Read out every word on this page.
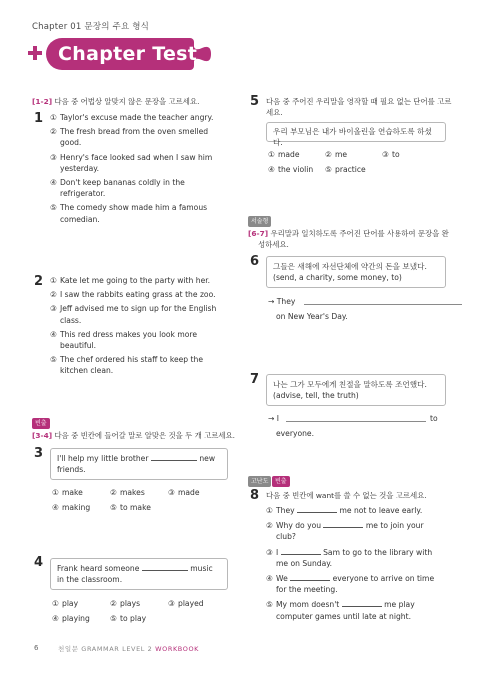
Chapter 01 문장의 주요 형식
Chapter Test
[1-2] 다음 중 어법상 알맞지 않은 문장을 고르세요.
1 ① Taylor's excuse made the teacher angry.
② The fresh bread from the oven smelled
good.
③ Henry's face looked sad when I saw him
yesterday.
④ Don't keep bananas coldly in the
refrigerator.
⑤ The comedy show made him a famous
comedian.
2 ① Kate let me going to the party with her.
② I saw the rabbits eating grass at the zoo.
③ Jeff advised me to sign up for the English
class.
④ This red dress makes you look more
beautiful.
⑤ The chef ordered his staff to keep the
kitchen clean.
빈출
[3-4] 다음 중 빈칸에 들어갈 말로 알맞은 것을 두 개 고르세요.
3	I'll help my little brother	new
friends.
① make	② makes	③ made
④ making	⑤ to make
4	Frank heard someone	music
in the classroom.
① play	② plays	③ played
④ playing	⑤ to play
5 다음 중 주어진 우리말을 영작할 때 필요 없는 단어를 고르
세요.
우리 부모님은 내가 바이올린을 연습하도록 하셨다.
① made	② me	③ to
④ the violin ⑤ practice
서술형
[6-7] 우리말과 일치하도록 주어진 단어를 사용하여 문장을 완
성하세요.
6	그들은 새해에 자선단체에 약간의 돈을 보냈다.
(send, a charity, some money, to)
→ They
on New Year's Day.
7	나는 그가 모두에게 친절을 말하도록 조언했다.
(advise, tell, the truth)
→ I	to
everyone.
고난도	빈출
8 다음 중 빈칸에 want를 쓸 수 없는 것을 고르세요.
① They	me not to leave early.
② Why do you	me to join your
club?
③ I	Sam to go to the library with
me on Sunday.
④ We	everyone to arrive on time
for the meeting.
⑤ My mom doesn't	me play
computer games until late at night.
6	천일문 GRAMMAR LEVEL 2 WORKBOOK
